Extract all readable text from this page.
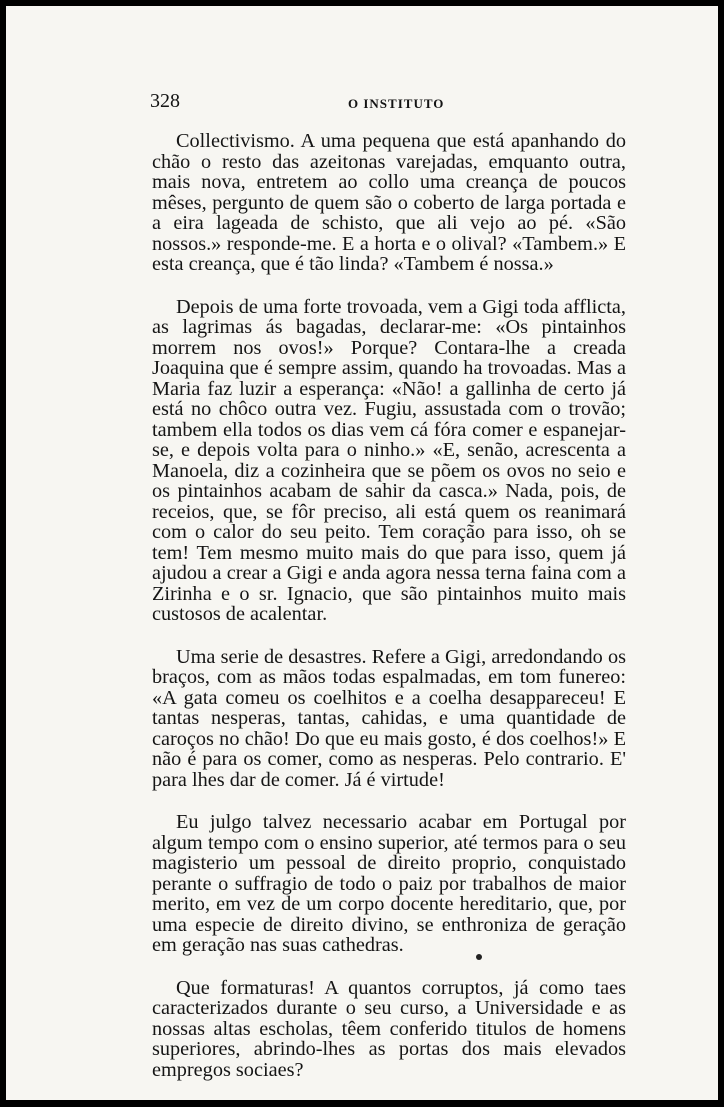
328	O INSTITUTO

Collectivismo. A uma pequena que está apanhando do chão o resto das azeitonas varejadas, emquanto outra, mais nova, entretem ao collo uma creança de poucos mêses, pergunto de quem são o coberto de larga portada e a eira lageada de schisto, que ali vejo ao pé. «São nossos.» responde-me. E a horta e o olival? «Tambem.» E esta creança, que é tão linda? «Tambem é nossa.»

Depois de uma forte trovoada, vem a Gigi toda afflicta, as lagrimas ás bagadas, declarar-me: «Os pintainhos morrem nos ovos!» Porque? Contara-lhe a creada Joaquina que é sempre assim, quando ha trovoadas. Mas a Maria faz luzir a esperança: «Não! a gallinha de certo já está no chôco outra vez. Fugiu, assustada com o trovão; tambem ella todos os dias vem cá fóra comer e espanejar-se, e depois volta para o ninho.» «E, senão, acrescenta a Manoela, diz a cozinheira que se põem os ovos no seio e os pintainhos acabam de sahir da casca.» Nada, pois, de receios, que, se fôr preciso, ali está quem os reanimará com o calor do seu peito. Tem coração para isso, oh se tem! Tem mesmo muito mais do que para isso, quem já ajudou a crear a Gigi e anda agora nessa terna faina com a Zirinha e o sr. Ignacio, que são pintainhos muito mais custosos de acalentar.

Uma serie de desastres. Refere a Gigi, arredondando os braços, com as mãos todas espalmadas, em tom funereo: «A gata comeu os coelhitos e a coelha desappareceu! E tantas nesperas, tantas, cahidas, e uma quantidade de caroços no chão! Do que eu mais gosto, é dos coelhos!» E não é para os comer, como as nesperas. Pelo contrario. E' para lhes dar de comer. Já é virtude!

Eu julgo talvez necessario acabar em Portugal por algum tempo com o ensino superior, até termos para o seu magisterio um pessoal de direito proprio, conquistado perante o suffragio de todo o paiz por trabalhos de maior merito, em vez de um corpo docente hereditario, que, por uma especie de direito divino, se enthroniza de geração em geração nas suas cathedras.

Que formaturas! A quantos corruptos, já como taes caracterizados durante o seu curso, a Universidade e as nossas altas escholas, têem conferido titulos de homens superiores, abrindo-lhes as portas dos mais elevados empregos sociaes?
